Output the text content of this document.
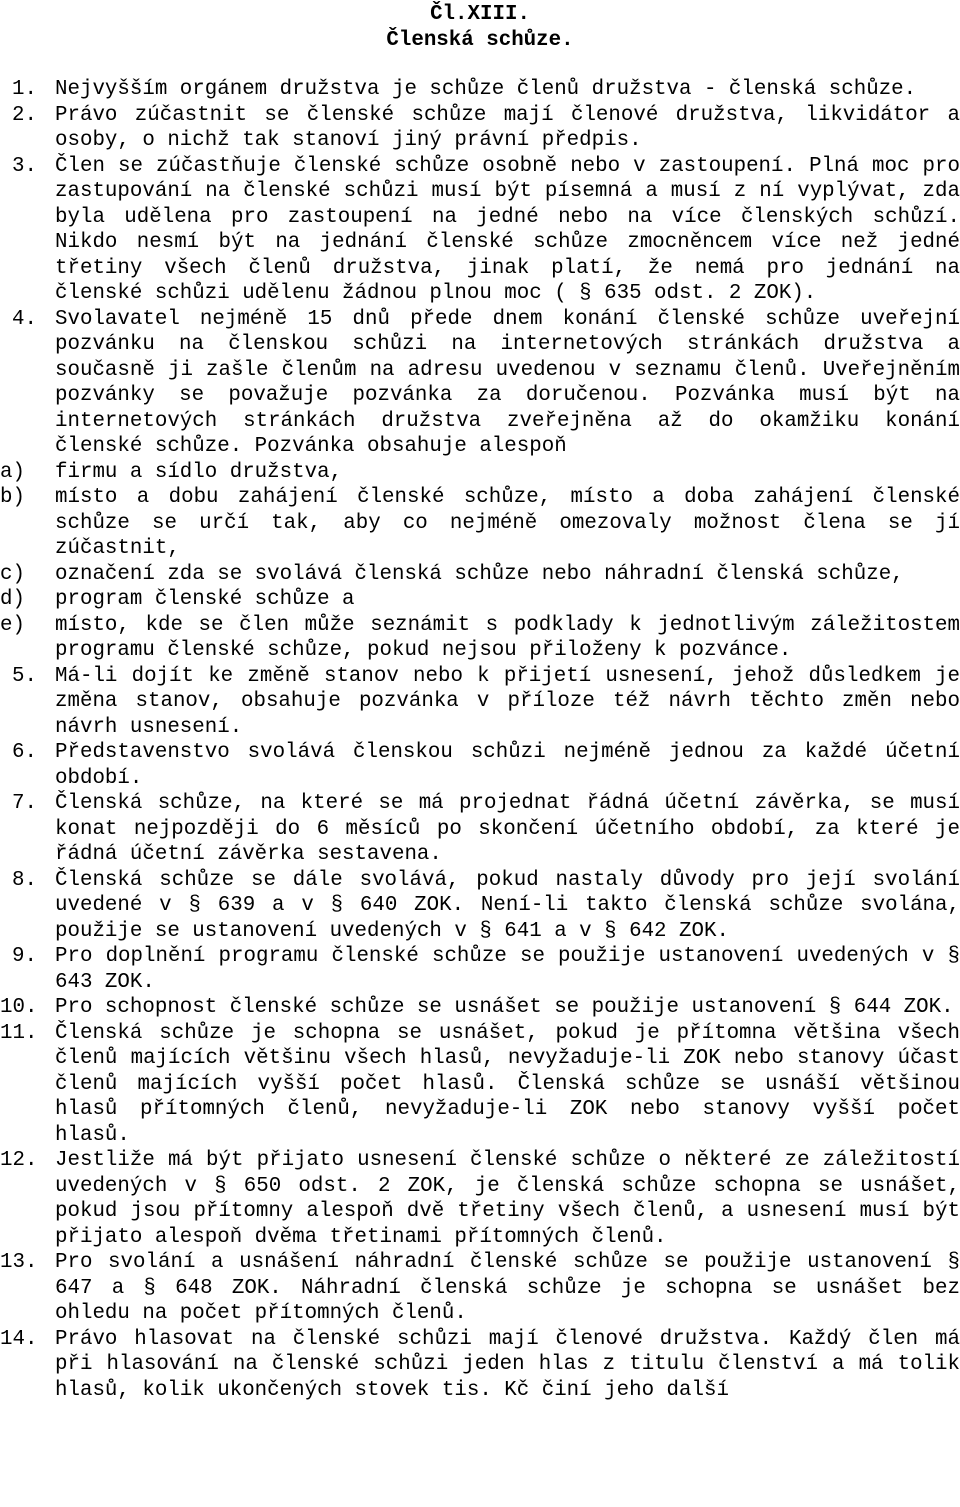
Čl.XIII.
Členská schůze.
1. Nejvyšším orgánem družstva je schůze členů družstva - členská schůze.

2. Právo zúčastnit se členské schůze mají členové družstva, likvidátor a osoby, o nichž tak stanoví jiný právní předpis.

3. Člen se zúčastňuje členské schůze osobně nebo v zastoupení. Plná moc pro zastupování na členské schůzi musí být písemná a musí z ní vyplývat, zda byla udělena pro zastoupení na jedné nebo na více členských schůzí. Nikdo nesmí být na jednání členské schůze zmocněncem více než jedné třetiny všech členů družstva, jinak platí, že nemá pro jednání na členské schůzi udělenu žádnou plnou moc ( § 635 odst. 2 ZOK).

4. Svolavatel nejméně 15 dnů přede dnem konání členské schůze uveřejní pozvánku na členskou schůzi na internetových stránkách družstva a současně ji zašle členům na adresu uvedenou v seznamu členů. Uveřejněním pozvánky se považuje pozvánka za doručenou. Pozvánka musí být na internetových stránkách družstva zveřejněna až do okamžiku konání členské schůze. Pozvánka obsahuje alespoň

a) firmu a sídlo družstva,

b) místo a dobu zahájení členské schůze, místo a doba zahájení členské schůze se určí tak, aby co nejméně omezovaly možnost člena se jí zúčastnit,

c) označení zda se svolává členská schůze nebo náhradní členská schůze,

d) program členské schůze a

e) místo, kde se člen může seznámit s podklady k jednotlivým záležitostem programu členské schůze, pokud nejsou přiloženy k pozvánce.

5. Má-li dojít ke změně stanov nebo k přijetí usnesení, jehož důsledkem je změna stanov, obsahuje pozvánka v příloze též návrh těchto změn nebo návrh usnesení.

6. Představenstvo svolává členskou schůzi nejméně jednou za každé účetní období.

7. Členská schůze, na které se má projednat řádná účetní závěrka, se musí konat nejpozději do 6 měsíců po skončení účetního období, za které je řádná účetní závěrka sestavena.

8. Členská schůze se dále svolává, pokud nastaly důvody pro její svolání uvedené v § 639 a v § 640 ZOK. Není-li takto členská schůze svolána, použije se ustanovení uvedených v § 641 a v § 642 ZOK.

9. Pro doplnění programu členské schůze se použije ustanovení uvedených v § 643 ZOK.

10. Pro schopnost členské schůze se usnášet se použije ustanovení § 644 ZOK.

11. Členská schůze je schopna se usnášet, pokud je přítomna většina všech členů majících většinu všech hlasů, nevyžaduje-li ZOK nebo stanovy účast členů majících vyšší počet hlasů. Členská schůze se usnáší většinou hlasů přítomných členů, nevyžaduje-li ZOK nebo stanovy vyšší počet hlasů.

12. Jestliže má být přijato usnesení členské schůze o některé ze záležitostí uvedených v § 650 odst. 2 ZOK, je členská schůze schopna se usnášet, pokud jsou přítomny alespoň dvě třetiny všech členů, a usnesení musí být přijato alespoň dvěma třetinami přítomných členů.

13. Pro svolání a usnášení náhradní členské schůze se použije ustanovení § 647 a § 648 ZOK. Náhradní členská schůze je schopna se usnášet bez ohledu na počet přítomných členů.

14. Právo hlasovat na členské schůzi mají členové družstva. Každý člen má při hlasování na členské schůzi jeden hlas z titulu členství a má tolik hlasů, kolik ukončených stovek tis. Kč činí jeho další
